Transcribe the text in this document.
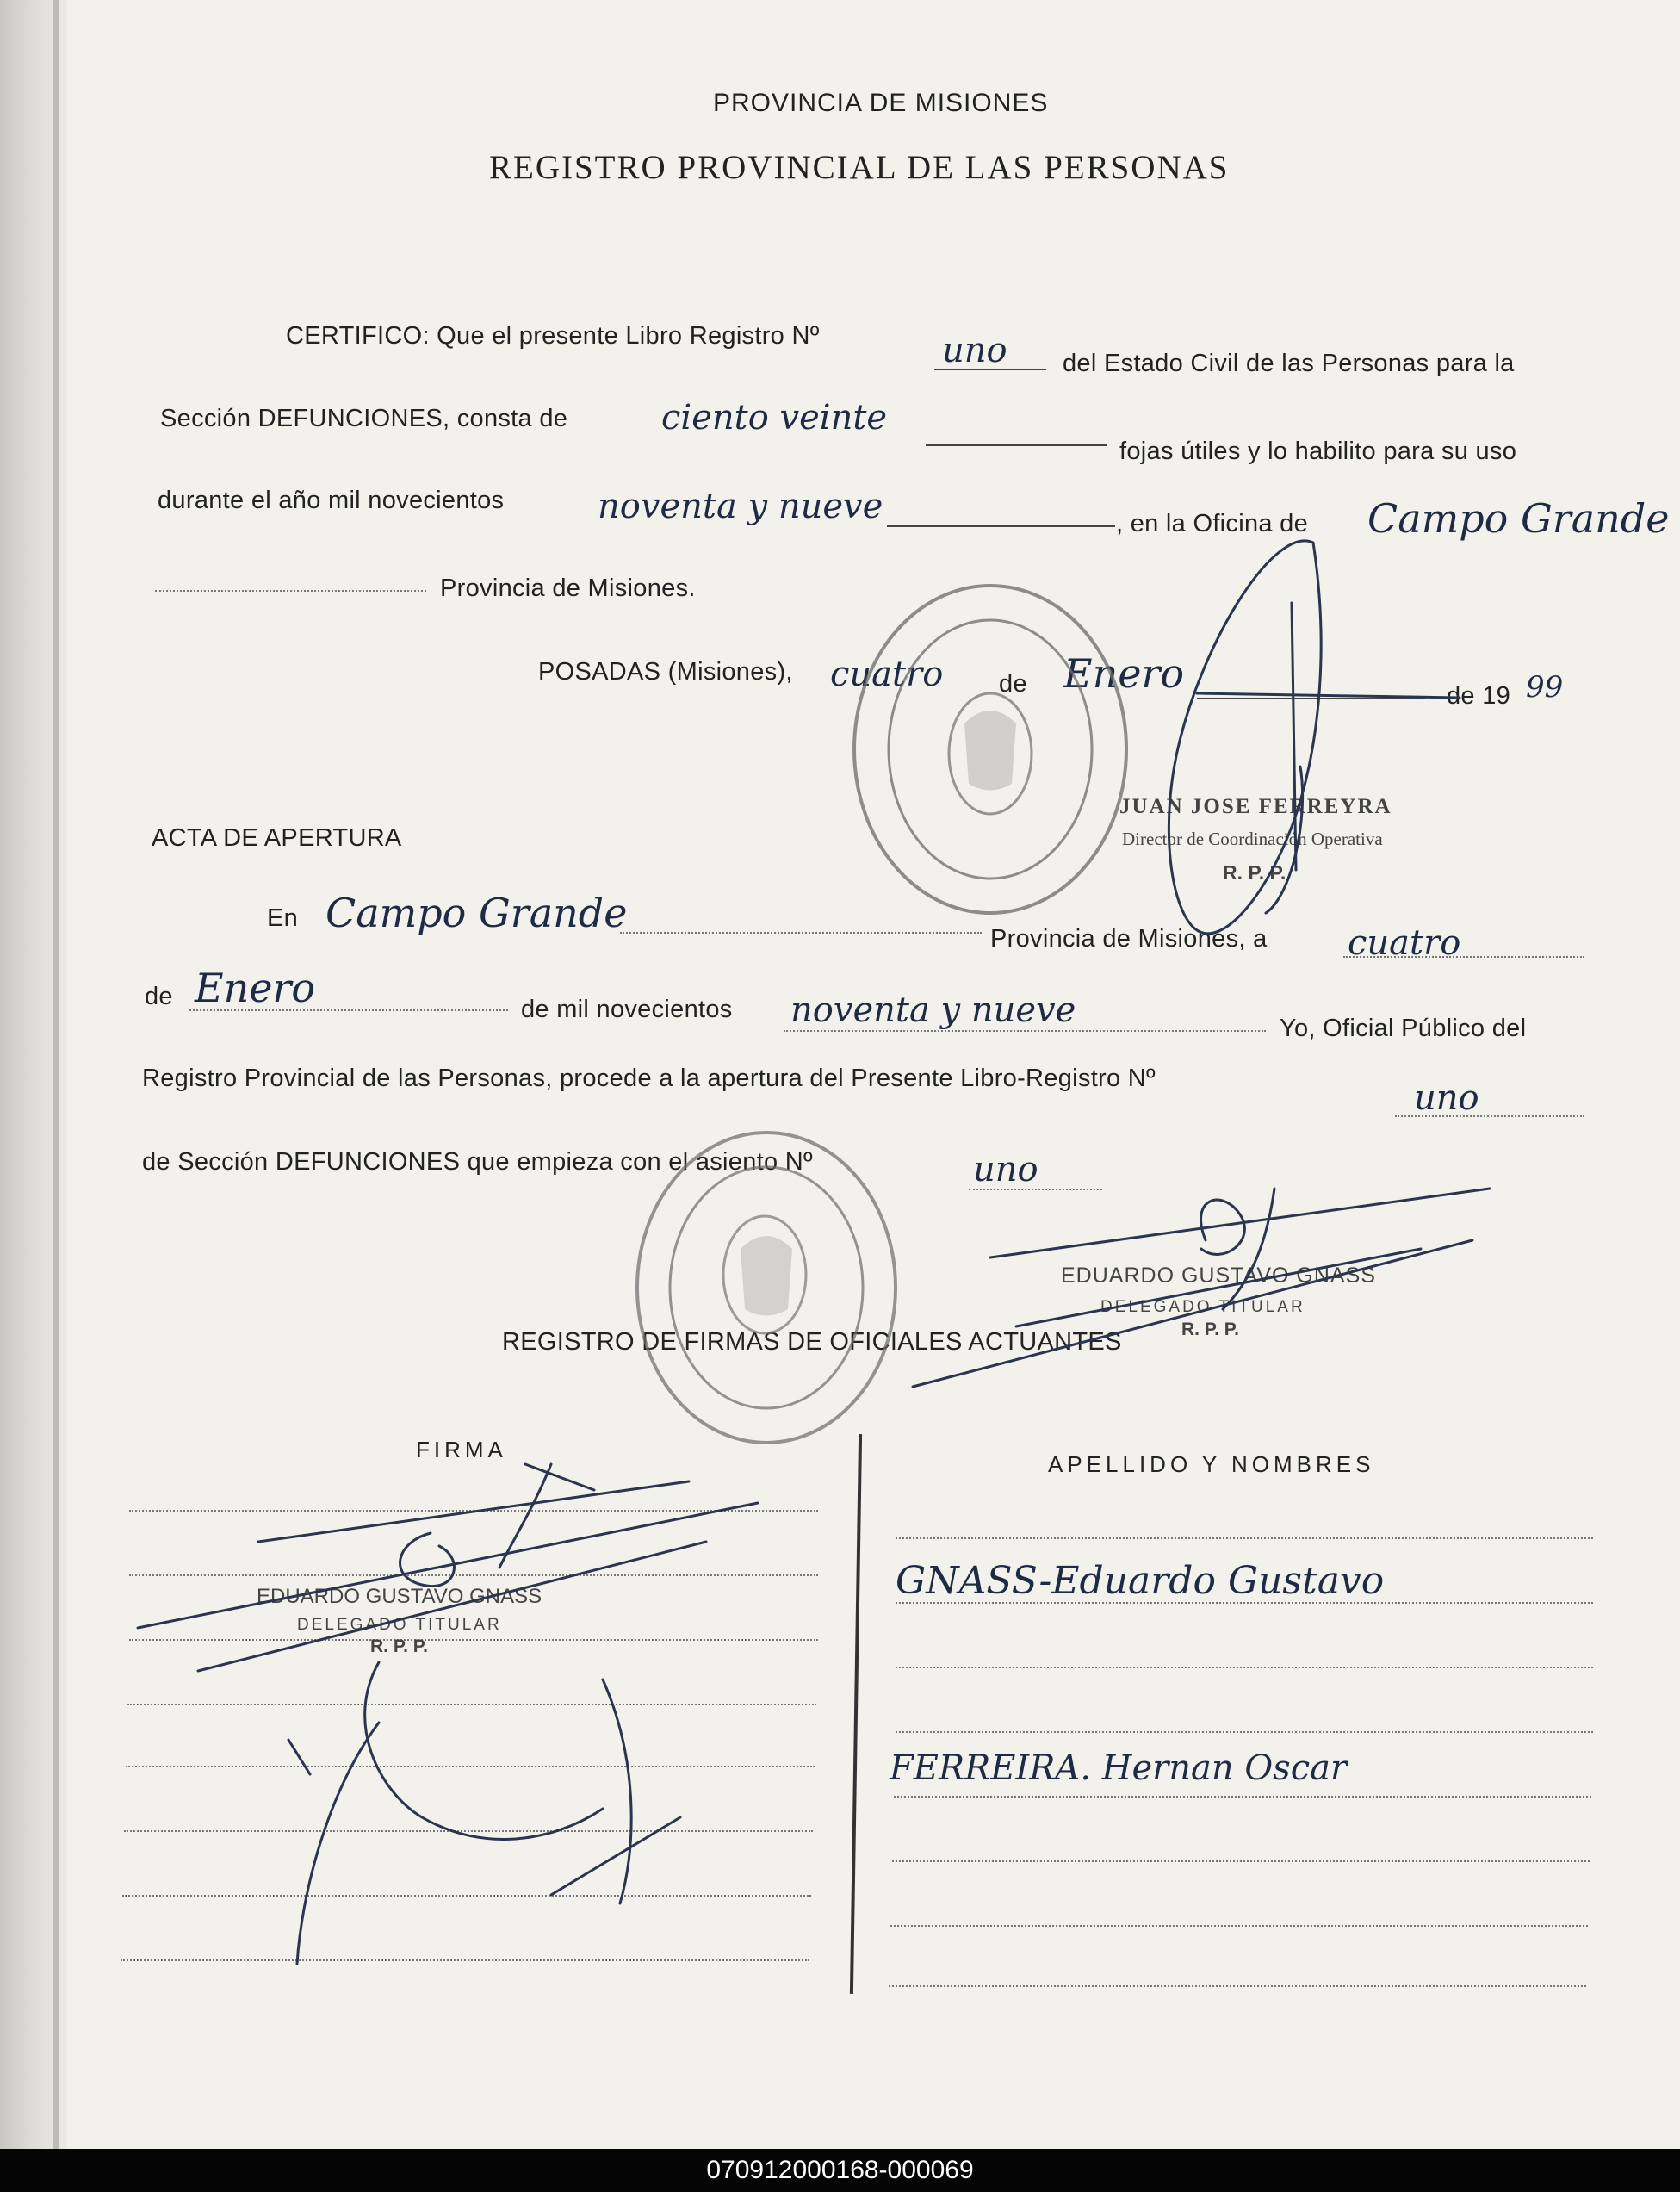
PROVINCIA DE MISIONES
REGISTRO PROVINCIAL DE LAS PERSONAS
CERTIFICO: Que el presente Libro Registro Nº	uno del Estado Civil de las Personas para la
Sección DEFUNCIONES, consta de	ciento veinte
fojas útiles y lo habilito para su uso
durante el año mil novecientos	noventa y nueve	, en la Oficina de Campo Grande
Provincia de Misiones.
POSADAS (Misiones), cuatro de Enero	de 19 99
JUAN JOSE FERREYRA
Director de Coordinación Operativa
R. P. P.
ACTA DE APERTURA
En Campo Grande
Provincia de Misiones, a cuatro
de Enero	de mil novecientos noventa y nueve	Yo, Oficial Público del
Registro Provincial de las Personas, procede a la apertura del Presente Libro-Registro Nº	uno
de Sección DEFUNCIONES que empieza con el asiento Nº	uno
EDUARDO GUSTAVO GNASS
DELEGADO TITULAR
R. P. P.
REGISTRO DE FIRMAS DE OFICIALES ACTUANTES
FIRMA
APELLIDO Y NOMBRES
GNASS-Eduardo Gustavo
FERREIRA. Hernan Oscar
EDUARDO GUSTAVO GNASS
DELEGADO TITULAR
R. P. P.
070912000168-000069
